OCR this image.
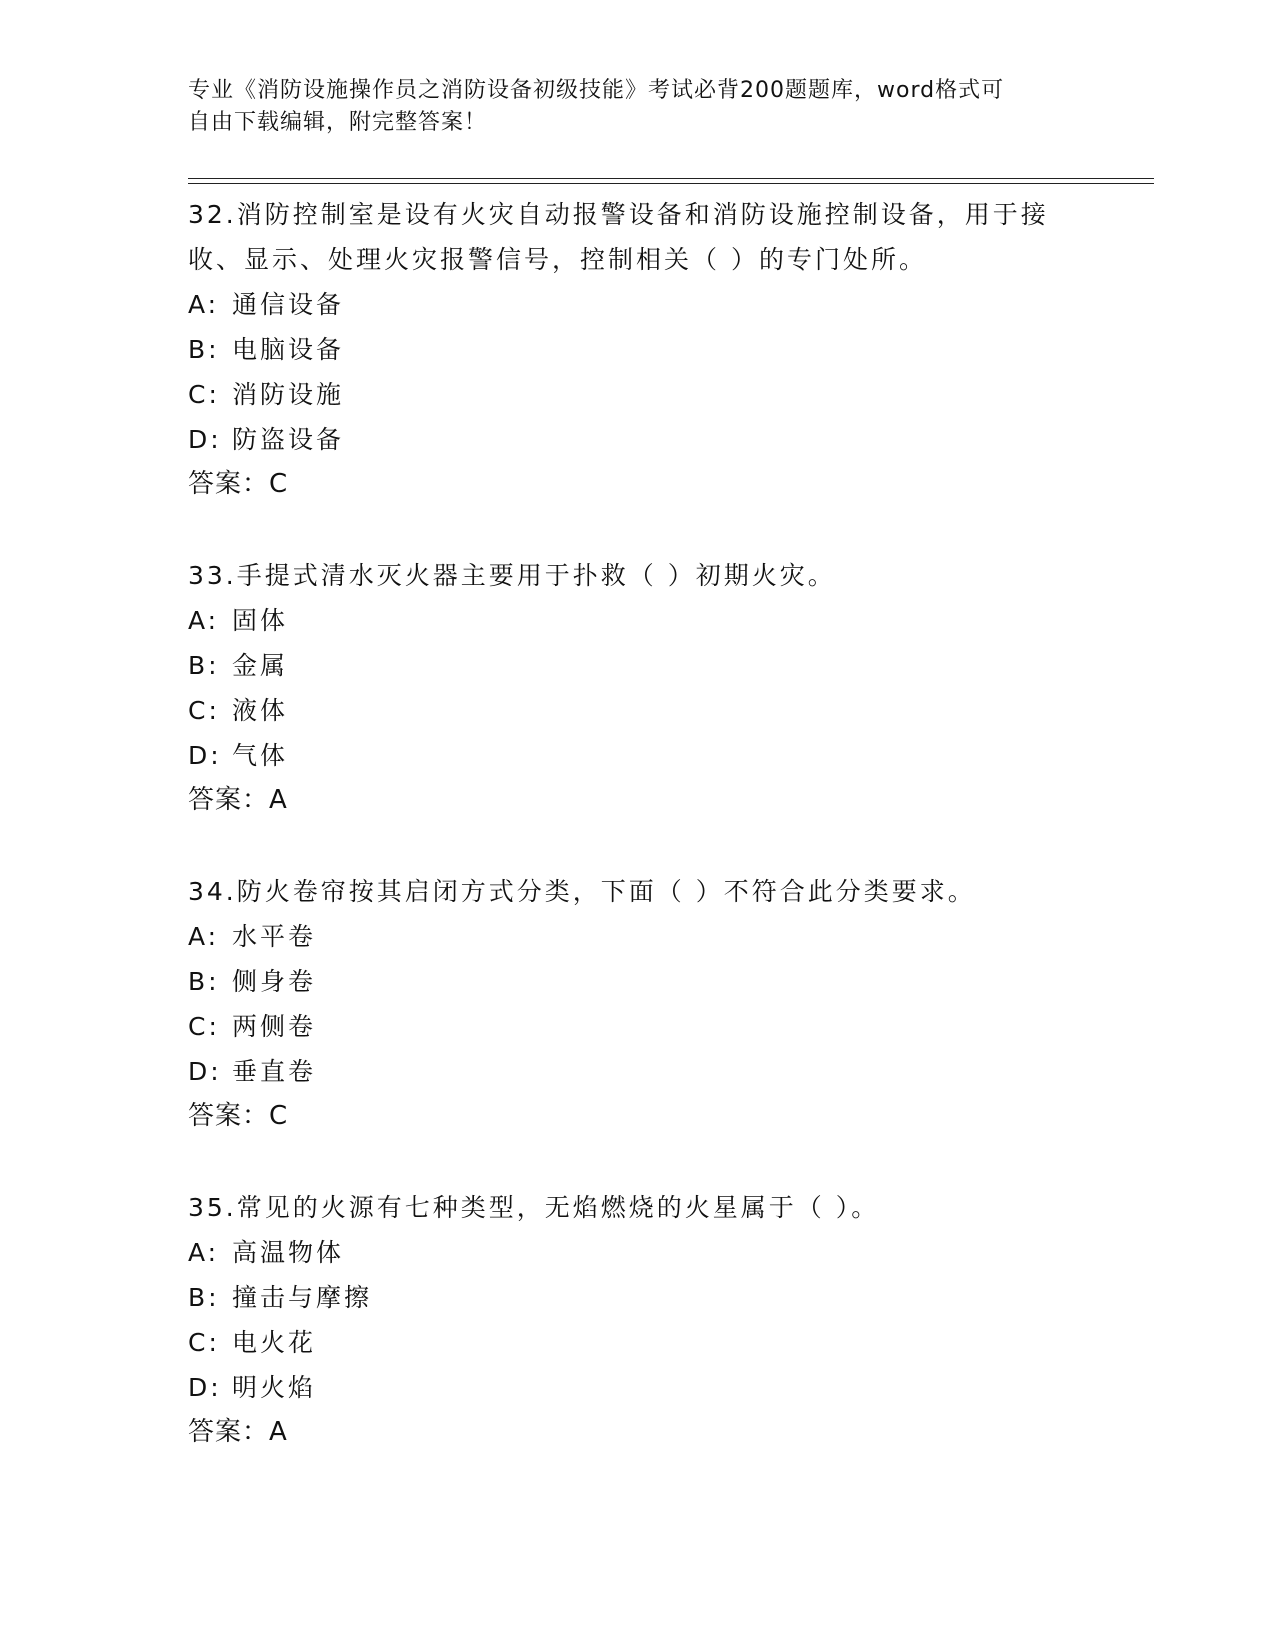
专业《消防设施操作员之消防设备初级技能》考试必背200题题库，word格式可
自由下载编辑，附完整答案！

32.消防控制室是设有火灾自动报警设备和消防设施控制设备，用于接

收、显示、处理火灾报警信号，控制相关（ ）的专门处所。

A: 通信设备

B: 电脑设备

C: 消防设施

D: 防盗设备

答案：C

33.手提式清水灭火器主要用于扑救（ ）初期火灾。

A: 固体

B: 金属

C: 液体

D: 气体

答案：A

34.防火卷帘按其启闭方式分类，下面（ ）不符合此分类要求。

A: 水平卷

B: 侧身卷

C: 两侧卷

D: 垂直卷

答案：C

35.常见的火源有七种类型，无焰燃烧的火星属于（ ）。

A: 高温物体

B: 撞击与摩擦

C: 电火花

D: 明火焰

答案：A
